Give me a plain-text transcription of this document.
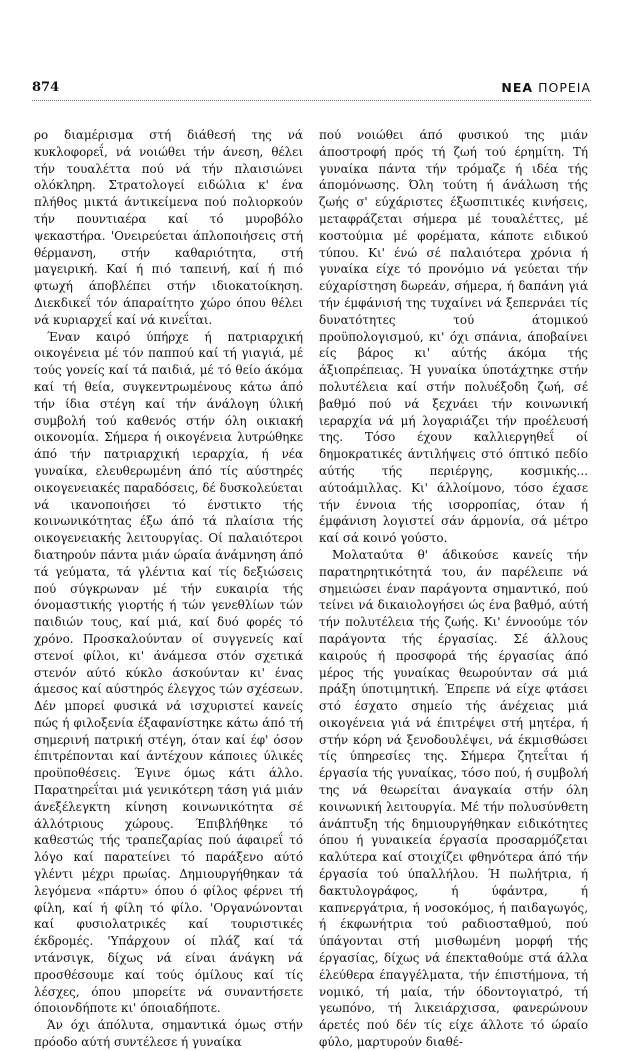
874	ΝΕΑ ΠΟΡΕΙΑ

ρο διαμέρισμα στή διάθεσή της νά κυκλοφορεΐ, νά νοιώθει τήν άνεση, θέλει τήν τουαλέττα πού νά τήν πλαισιώνει ολόκληρη. Στρατολογεί ειδώλια κ' ένα πλήθος μικτά άντικείμενα πού πολιορκούν τήν πουντιαέρα καί τό μυροβόλο ψεκαστήρα. 'Ονειρεύεται άπλοποιήσεις στή θέρμανση, στήν καθαριότητα, στή μαγειρική. Καί ή πιό ταπεινή, καί ή πιό φτωχή άποβλέπει στήν ιδιοκατοίκηση. Διεκδικεΐ τόν άπαραίτητο χώρο όπου θέλει νά κυριαρχεΐ καί νά κινεΐται.

Έναν καιρό ύπήρχε ή πατριαρχική οικογένεια μέ τόν παππού καί τή γιαγιά, μέ τούς γονείς καί τά παιδιά, μέ τό θείο άκόμα καί τή θεία, συγκεντρωμένους κάτω άπό τήν ίδια στέγη καί τήν άνάλογη ύλική συμβολή τού καθενός στήν όλη οικιακή οικονομία. Σήμερα ή οικογένεια λυτρώθηκε άπό τήν πατριαρχική ιεραρχία, ή νέα γυναίκα, ελευθερωμένη άπό τίς αύστηρές οικογενειακές παραδόσεις, δέ δυσκολεύεται νά ικανοποιήσει τό ένστικτο τής κοινωνικότητας έξω άπό τά πλαίσια τής οικογενειακής λειτουργίας. Οί παλαιότεροι διατηρούν πάντα μιάν ώραία άνάμνηση άπό τά γεύματα, τά γλέντια καί τίς δεξιώσεις πού σύγκρωναν μέ τήν ευκαιρία τής όνομαστικής γιορτής ή τών γενεθλίων τών παιδιών τους, καί μιά, καί δυό φορές τό χρόνο. Προσκαλούνταν οί συγγενείς καί στενοί φίλοι, κι' άνάμεσα στόν σχετικά στενόν αύτό κύκλο άσκούνταν κι' ένας άμεσος καί αύστηρός έλεγχος τών σχέσεων. Δέν μπορεί φυσικά νά ισχυριστεί κανείς πώς ή φιλοξενία έξαφανίστηκε κάτω άπό τή σημερινή πατρική στέγη, όταν καί έφ' όσον έπιτρέπονται καί άντέχουν κάποιες ύλικές προϋποθέσεις. Έγινε όμως κάτι άλλο. Παρατηρεΐται μιά γενικότερη τάση γιά μιάν άνεξέλεγκτη κίνηση κοινωνικότητα σέ άλλότριους χώρους. Έπιβλήθηκε τό καθεστώς τής τραπεζαρίας πού άφαιρεΐ τό λόγο καί παρατείνει τό παράξενο αύτό γλέντι μέχρι πρωίας. Δημιουργήθηκαν τά λεγόμενα «πάρτυ» όπου ό φίλος φέρνει τή φίλη, καί ή φίλη τό φίλο. 'Οργανώνονται καί φυσιολατρικές καί τουριστικές έκδρομές. 'Υπάρχουν οί πλάζ καί τά ντάνσιγκ, δίχως νά είναι άνάγκη νά προσθέσουμε καί τούς όμίλους καί τίς λέσχες, όπου μπορείτε νά συναντήσετε όποιονδήποτε κι' όποιαδήποτε.

Άν όχι άπόλυτα, σημαντικά όμως στήν πρόοδο αύτή συντέλεσε ή γυναίκα

πού νοιώθει άπό φυσικού της μιάν άποστροφή πρός τή ζωή τού έρημίτη. Τή γυναίκα πάντα τήν τρόμαζε ή ιδέα τής άπομόνωσης. Όλη τούτη ή άνάλωση τής ζωής σ' εύχάριστες έξωσπιτικές κινήσεις, μεταφράζεται σήμερα μέ τουαλέττες, μέ κοστούμια μέ φορέματα, κάποτε ειδικού τύπου. Κι' ένώ σέ παλαιότερα χρόνια ή γυναίκα είχε τό προνόμιο νά γεύεται τήν εύχαρίστηση δωρεάν, σήμερα, ή δαπάνη γιά τήν έμφάνισή της τυχαίνει νά ξεπερνάει τίς δυνατότητες τού άτομικού προϋπολογισμού, κι' όχι σπάνια, άποβαίνει είς βάρος κι' αύτής άκόμα τής άξιοπρέπειας. Ή γυναίκα ύποτάχτηκε στήν πολυτέλεια καί στήν πολυέξοδη ζωή, σέ βαθμό πού νά ξεχνάει τήν κοινωνική ιεραρχία νά μή λογαριάζει τήν προέλευσή της. Τόσο έχουν καλλιεργηθεΐ οί δημοκρατικές άντιλήψεις στό όπτικό πεδίο αύτής τής περιέργης, κοσμικής... αύτοάμιλλας. Κι' άλλοίμονο, τόσο έχασε τήν έννοια τής ισορροπίας, όταν ή έμφάνιση λογιστεί σάν άρμονία, σά μέτρο καί σά κοινό γούστο.

Μολαταύτα θ' άδικούσε κανείς τήν παρατηρητικότητά του, άν παρέλειπε νά σημειώσει έναν παράγοντα σημαντικό, πού τείνει νά δικαιολογήσει ώς ένα βαθμό, αύτή τήν πολυτέλεια τής ζωής. Κι' έννοούμε τόν παράγοντα τής έργασίας. Σέ άλλους καιρούς ή προσφορά τής έργασίας άπό μέρος τής γυναίκας θεωρούνταν σά μιά πράξη ύποτιμητική. Έπρεπε νά είχε φτάσει στό έσχατο σημείο τής άνέχειας μιά οικογένεια γιά νά έπιτρέψει στή μητέρα, ή στήν κόρη νά ξενοδουλέψει, νά έκμισθώσει τίς ύπηρεσίες της. Σήμερα ζητεΐται ή έργασία τής γυναίκας, τόσο πού, ή συμβολή της νά θεωρείται άναγκαία στήν όλη κοινωνική λειτουργία. Μέ τήν πολυσύνθετη άνάπτυξη τής δημιουργήθηκαν ειδικότητες όπου ή γυναικεία έργασία προσαρμόζεται καλύτερα καί στοιχίζει φθηνότερα άπό τήν έργασία τού ύπαλλήλου. Ή πωλήτρια, ή δακτυλογράφος, ή ύφάντρα, ή καπνεργάτρια, ή νοσοκόμος, ή παιδαγωγός, ή έκφωνήτρια τού ραδιοσταθμού, πού ύπάγονται στή μισθωμένη μορφή τής έργασίας, δίχως νά έπεκταθούμε στά άλλα έλεύθερα έπαγγέλματα, τήν έπιστήμονα, τή νομικό, τή μαία, τήν όδοντογιατρό, τή γεωπόνο, τή λικειάρχισσα, φανερώνουν άρετές πού δέν τίς είχε άλλοτε τό ώραίο φύλο, μαρτυρούν διαθέ-
